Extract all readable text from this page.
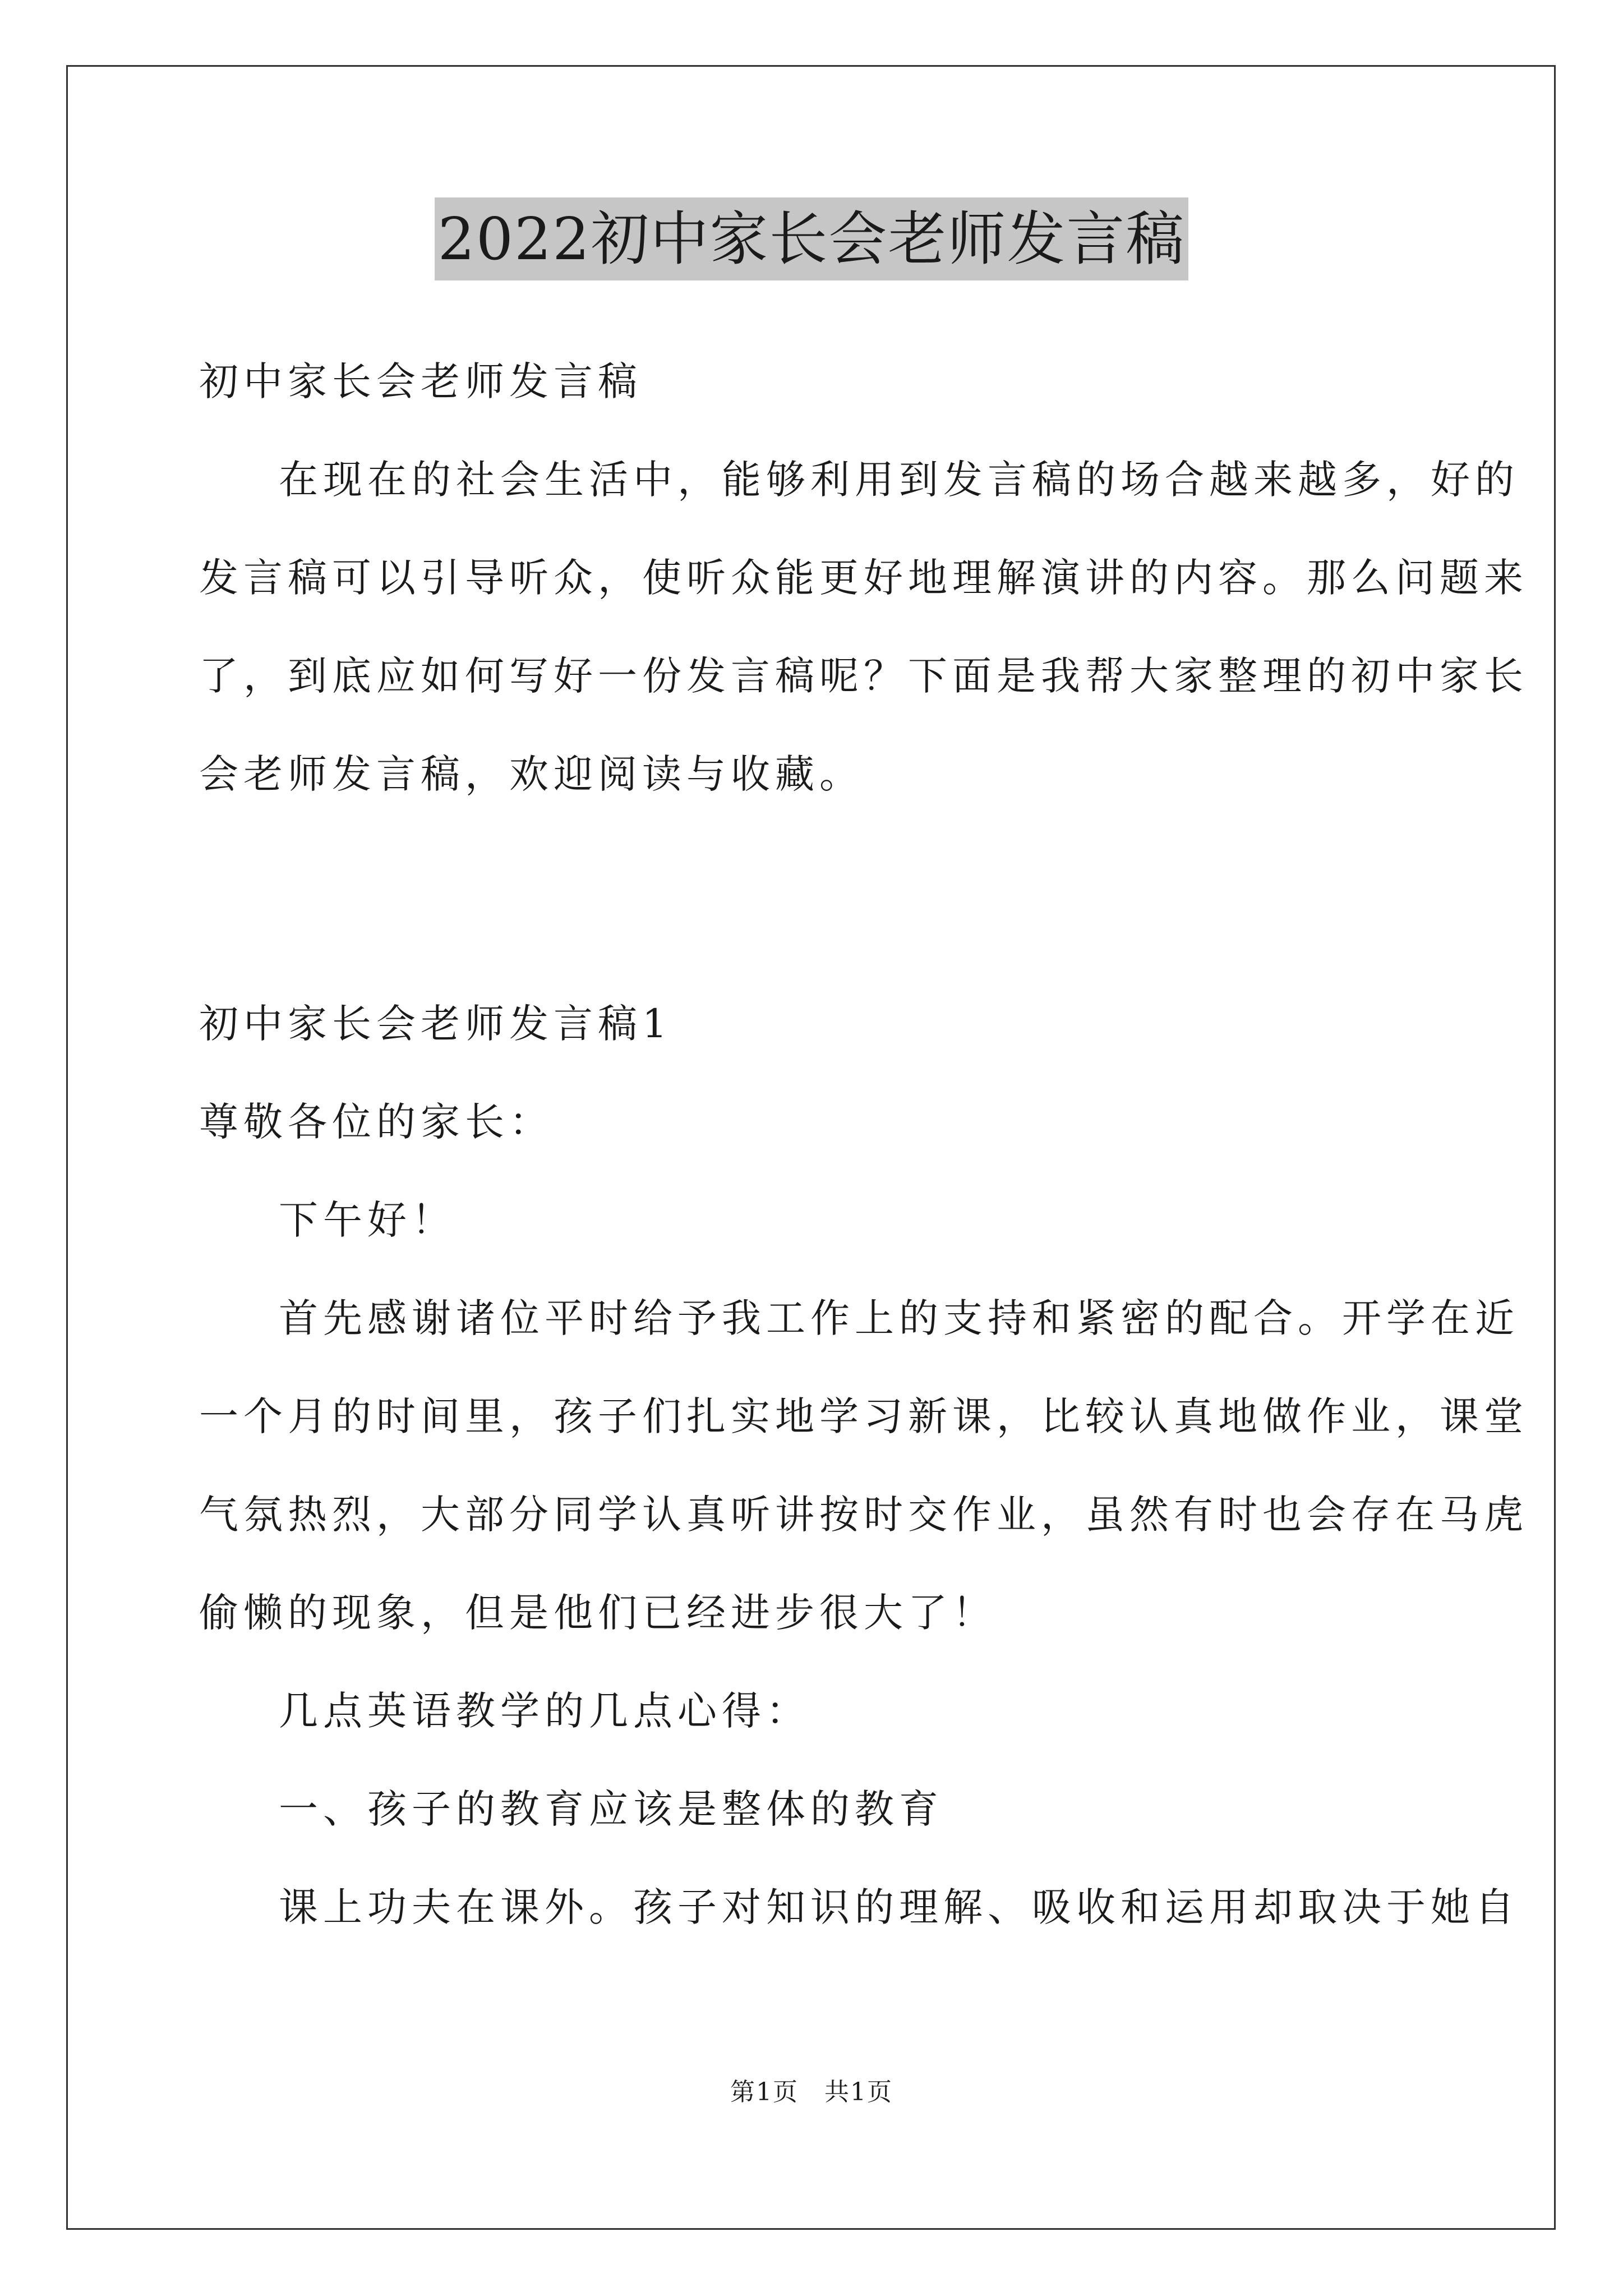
2022初中家长会老师发言稿
初中家长会老师发言稿
在现在的社会生活中，能够利用到发言稿的场合越来越多，好的
发言稿可以引导听众，使听众能更好地理解演讲的内容。那么问题来
了，到底应如何写好一份发言稿呢？下面是我帮大家整理的初中家长
会老师发言稿，欢迎阅读与收藏。
初中家长会老师发言稿1
尊敬各位的家长：
下午好！
首先感谢诸位平时给予我工作上的支持和紧密的配合。开学在近
一个月的时间里，孩子们扎实地学习新课，比较认真地做作业，课堂
气氛热烈，大部分同学认真听讲按时交作业，虽然有时也会存在马虎
偷懒的现象，但是他们已经进步很大了！
几点英语教学的几点心得：
一、孩子的教育应该是整体的教育
课上功夫在课外。孩子对知识的理解、吸收和运用却取决于她自
第1页　共1页
